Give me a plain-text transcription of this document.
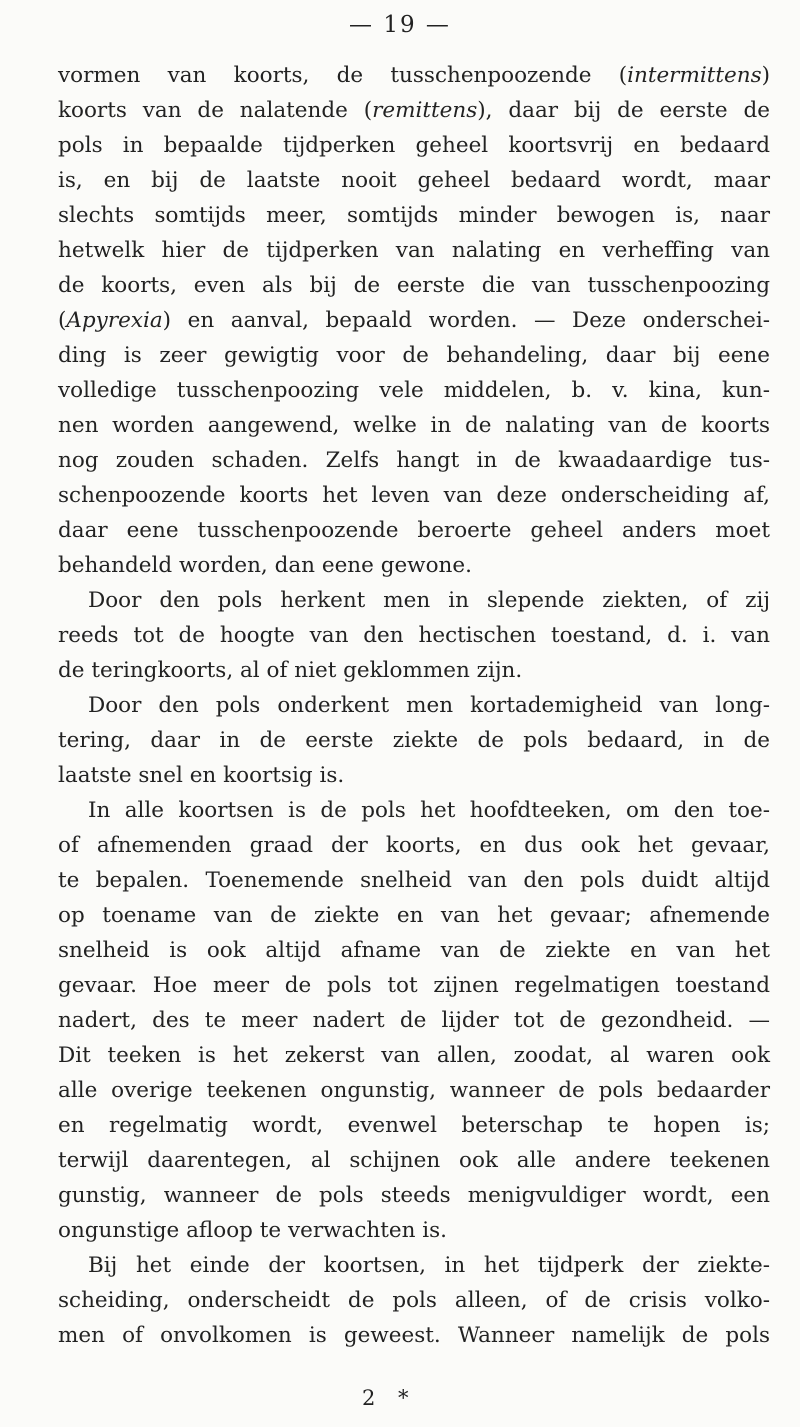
— 19 —
vormen van koorts, de tusschenpoozende (intermittens)
koorts van de nalatende (remittens), daar bij de eerste de
pols in bepaalde tijdperken geheel koortsvrij en bedaard
is, en bij de laatste nooit geheel bedaard wordt, maar
slechts somtijds meer, somtijds minder bewogen is, naar
hetwelk hier de tijdperken van nalating en verheffing van
de koorts, even als bij de eerste die van tusschenpoozing
(Apyrexia) en aanval, bepaald worden. — Deze onderschei-
ding is zeer gewigtig voor de behandeling, daar bij eene
volledige tusschenpoozing vele middelen, b. v. kina, kun-
nen worden aangewend, welke in de nalating van de koorts
nog zouden schaden. Zelfs hangt in de kwaadaardige tus-
schenpoozende koorts het leven van deze onderscheiding af,
daar eene tusschenpoozende beroerte geheel anders moet
behandeld worden, dan eene gewone.
Door den pols herkent men in slepende ziekten, of zij
reeds tot de hoogte van den hectischen toestand, d. i. van
de teringkoorts, al of niet geklommen zijn.
Door den pols onderkent men kortademigheid van long-
tering, daar in de eerste ziekte de pols bedaard, in de
laatste snel en koortsig is.
In alle koortsen is de pols het hoofdteeken, om den toe-
of afnemenden graad der koorts, en dus ook het gevaar,
te bepalen. Toenemende snelheid van den pols duidt altijd
op toename van de ziekte en van het gevaar; afnemende
snelheid is ook altijd afname van de ziekte en van het
gevaar. Hoe meer de pols tot zijnen regelmatigen toestand
nadert, des te meer nadert de lijder tot de gezondheid. —
Dit teeken is het zekerst van allen, zoodat, al waren ook
alle overige teekenen ongunstig, wanneer de pols bedaarder
en regelmatig wordt, evenwel beterschap te hopen is;
terwijl daarentegen, al schijnen ook alle andere teekenen
gunstig, wanneer de pols steeds menigvuldiger wordt, een
ongunstige afloop te verwachten is.
Bij het einde der koortsen, in het tijdperk der ziekte-
scheiding, onderscheidt de pols alleen, of de crisis volko-
men of onvolkomen is geweest. Wanneer namelijk de pols
2 *
